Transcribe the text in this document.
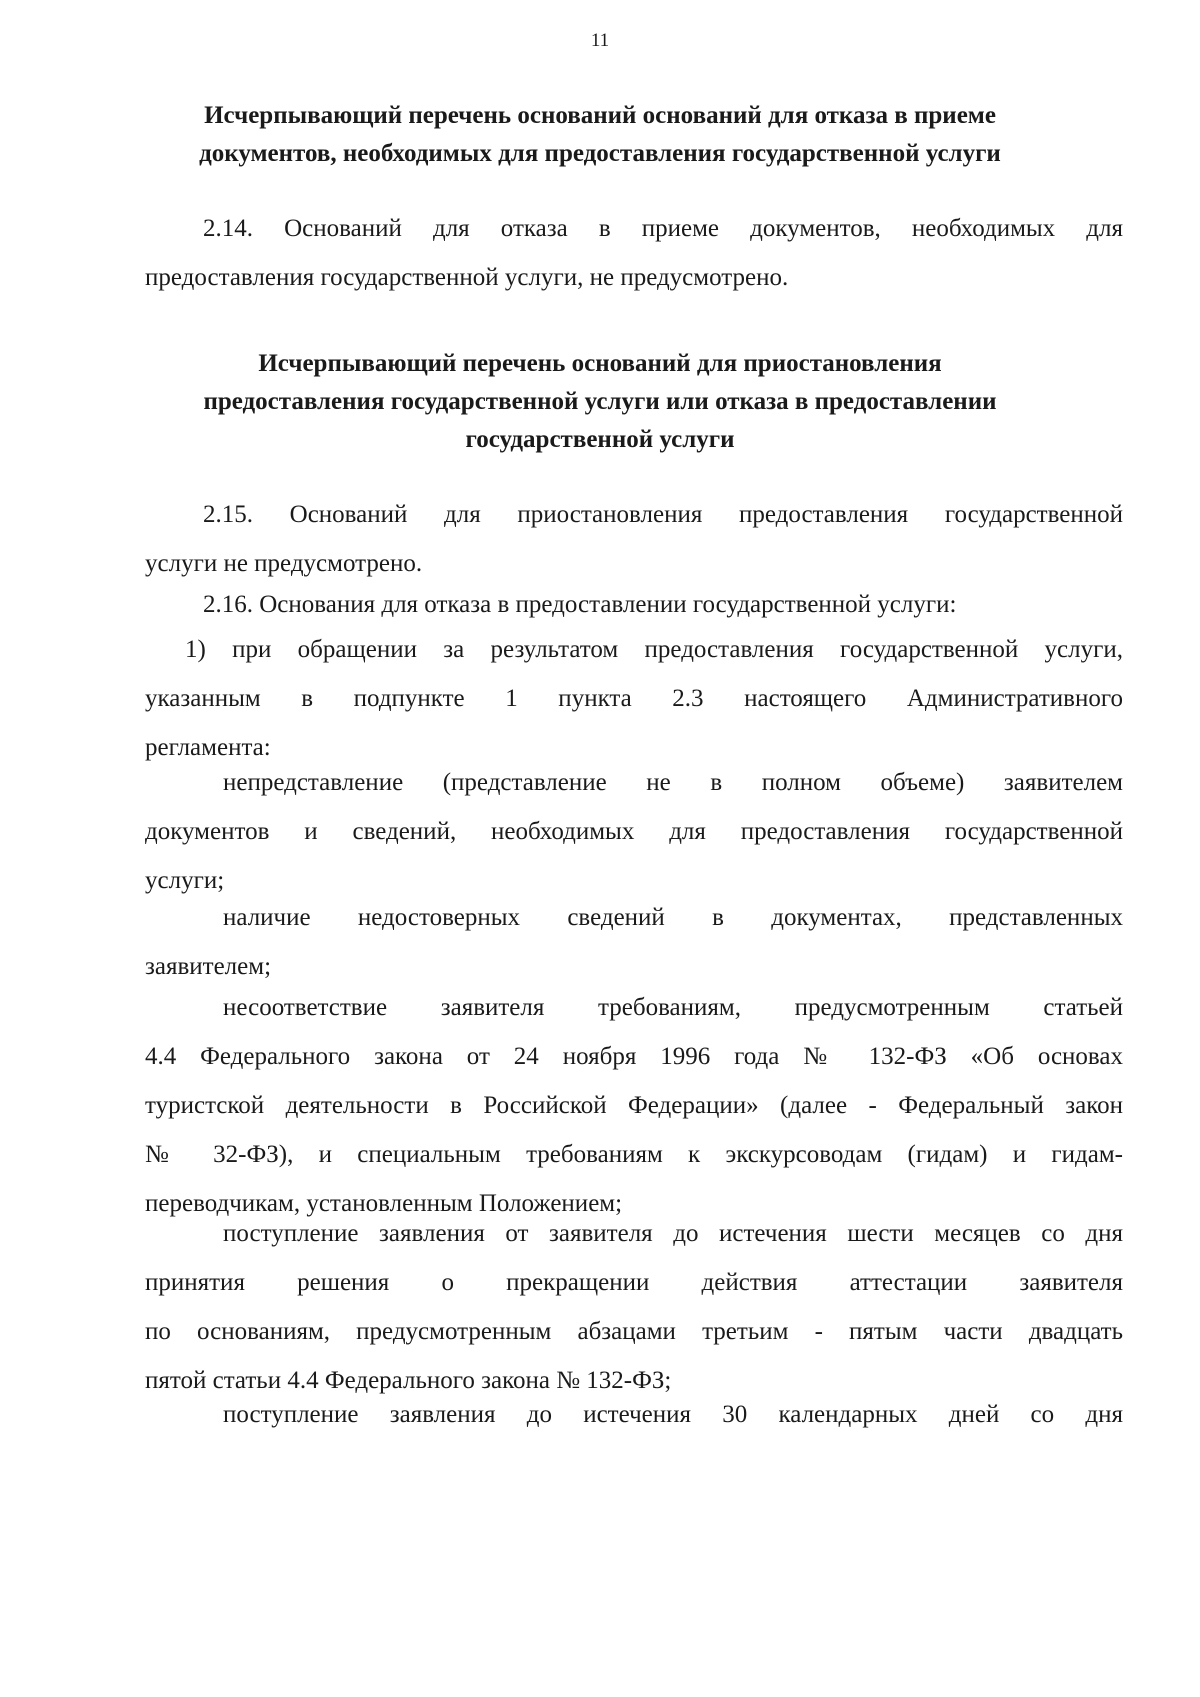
11
Исчерпывающий перечень оснований оснований для отказа в приеме
документов, необходимых для предоставления государственной услуги
2.14. Оснований для отказа в приеме документов, необходимых для
предоставления государственной услуги, не предусмотрено.
Исчерпывающий перечень оснований для приостановления
предоставления государственной услуги или отказа в предоставлении
государственной услуги
2.15. Оснований для приостановления предоставления государственной
услуги не предусмотрено.
2.16. Основания для отказа в предоставлении государственной услуги:
1) при обращении за результатом предоставления государственной услуги,
указанным в подпункте 1 пункта 2.3 настоящего Административного
регламента:
непредставление (представление не в полном объеме) заявителем
документов и сведений, необходимых для предоставления государственной
услуги;
наличие недостоверных сведений в документах, представленных
заявителем;
несоответствие заявителя требованиям, предусмотренным статьей
4.4 Федерального закона от 24 ноября 1996 года № 132-ФЗ «Об основах
туристской деятельности в Российской Федерации» (далее - Федеральный закон
№ 32-ФЗ), и специальным требованиям к экскурсоводам (гидам) и гидам-
переводчикам, установленным Положением;
поступление заявления от заявителя до истечения шести месяцев со дня
принятия решения о прекращении действия аттестации заявителя
по основаниям, предусмотренным абзацами третьим - пятым части двадцать
пятой статьи 4.4 Федерального закона № 132-ФЗ;
поступление заявления до истечения 30 календарных дней со дня
